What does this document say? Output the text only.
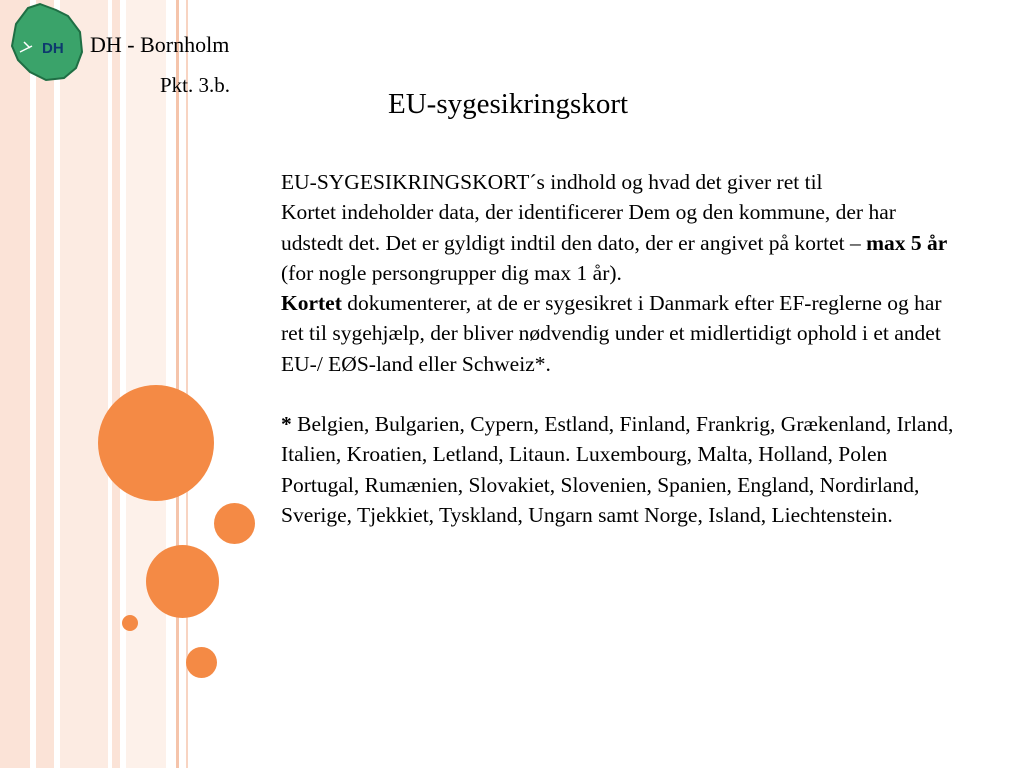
DH DH - Bornholm
Pkt. 3.b.
EU-sygesikringskort

EU-SYGESIKRINGSKORT´s indhold og hvad det giver ret til

Kortet indeholder data, der identificerer Dem og den kommune, der har udstedt det. Det er gyldigt indtil den dato, der er angivet på kortet – max 5 år (for nogle persongrupper dig max 1 år).

Kortet dokumenterer, at de er sygesikret i Danmark efter EF-reglerne og har ret til sygehjælp, der bliver nødvendig under et midlertidigt ophold i et andet EU-/ EØS-land eller Schweiz*.

* Belgien, Bulgarien, Cypern, Estland, Finland, Frankrig, Grækenland, Irland, Italien, Kroatien, Letland, Litaun. Luxembourg, Malta, Holland, Polen Portugal, Rumænien, Slovakiet, Slovenien, Spanien, England, Nordirland, Sverige, Tjekkiet, Tyskland, Ungarn samt Norge, Island, Liechtenstein.
